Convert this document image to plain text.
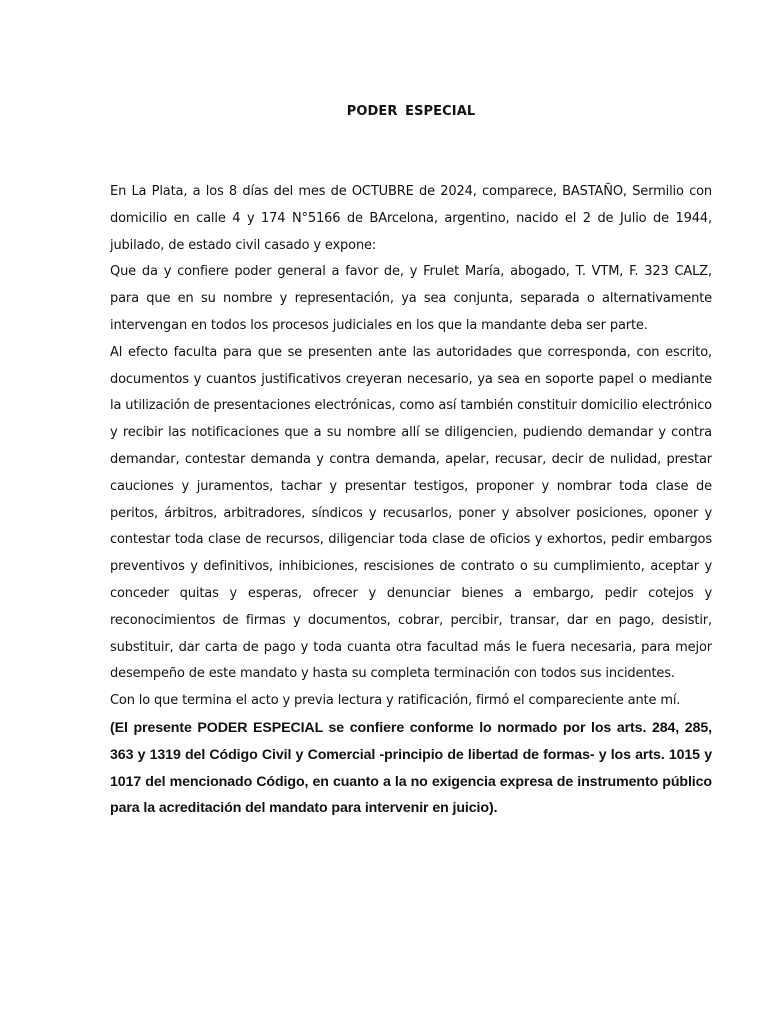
PODER ESPECIAL

En La Plata, a los 8 días del mes de OCTUBRE de 2024, comparece, BASTAÑO, Sermilio con domicilio en calle 4 y 174 N°5166 de BArcelona, argentino, nacido el 2 de Julio de 1944, jubilado, de estado civil casado y expone:

Que da y confiere poder general a favor de, y Frulet María, abogado, T. VTM, F. 323 CALZ, para que en su nombre y representación, ya sea conjunta, separada o alternativamente intervengan en todos los procesos judiciales en los que la mandante deba ser parte.

Al efecto faculta para que se presenten ante las autoridades que corresponda, con escrito, documentos y cuantos justificativos creyeran necesario, ya sea en soporte papel o mediante la utilización de presentaciones electrónicas, como así también constituir domicilio electrónico y recibir las notificaciones que a su nombre allí se diligencien, pudiendo demandar y contra demandar, contestar demanda y contra demanda, apelar, recusar, decir de nulidad, prestar cauciones y juramentos, tachar y presentar testigos, proponer y nombrar toda clase de peritos, árbitros, arbitradores, síndicos y recusarlos, poner y absolver posiciones, oponer y contestar toda clase de recursos, diligenciar toda clase de oficios y exhortos, pedir embargos preventivos y definitivos, inhibiciones, rescisiones de contrato o su cumplimiento, aceptar y conceder quitas y esperas, ofrecer y denunciar bienes a embargo, pedir cotejos y reconocimientos de firmas y documentos, cobrar, percibir, transar, dar en pago, desistir, substituir, dar carta de pago y toda cuanta otra facultad más le fuera necesaria, para mejor desempeño de este mandato y hasta su completa terminación con todos sus incidentes.

Con lo que termina el acto y previa lectura y ratificación, firmó el compareciente ante mí.

(El presente PODER ESPECIAL se confiere conforme lo normado por los arts. 284, 285, 363 y 1319 del Código Civil y Comercial -principio de libertad de formas- y los arts. 1015 y 1017 del mencionado Código, en cuanto a la no exigencia expresa de instrumento público para la acreditación del mandato para intervenir en juicio).
